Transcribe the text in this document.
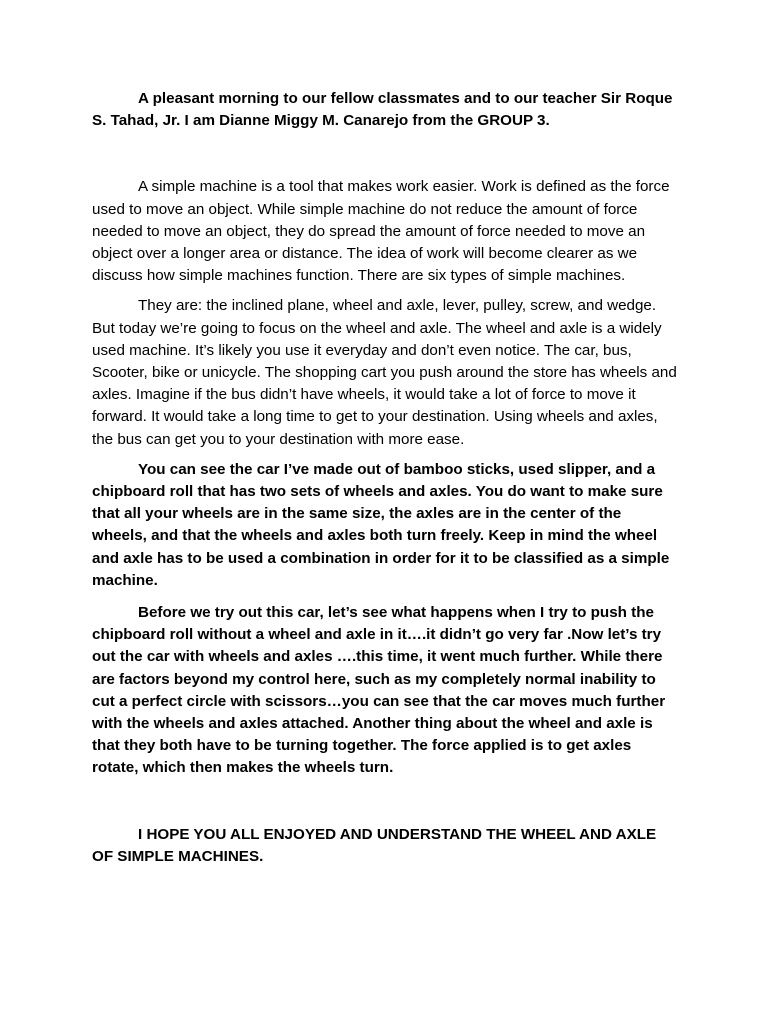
A pleasant morning to our fellow classmates and to our teacher Sir Roque S. Tahad, Jr. I am Dianne Miggy M. Canarejo from the GROUP 3.

A simple machine is a tool that makes work easier. Work is defined as the force used to move an object. While simple machine do not reduce the amount of force needed to move an object, they do spread the amount of force needed to move an object over a longer area or distance. The idea of work will become clearer as we discuss how simple machines function. There are six types of simple machines.

They are: the inclined plane, wheel and axle, lever, pulley, screw, and wedge. But today we’re going to focus on the wheel and axle. The wheel and axle is a widely used machine. It’s likely you use it everyday and don’t even notice. The car, bus, Scooter, bike or unicycle. The shopping cart you push around the store has wheels and axles. Imagine if the bus didn’t have wheels, it would take a lot of force to move it forward. It would take a long time to get to your destination. Using wheels and axles, the bus can get you to your destination with more ease.

You can see the car I’ve made out of bamboo sticks, used slipper, and a chipboard roll that has two sets of wheels and axles. You do want to make sure that all your wheels are in the same size, the axles are in the center of the wheels, and that the wheels and axles both turn freely. Keep in mind the wheel and axle has to be used a combination in order for it to be classified as a simple machine.

Before we try out this car, let’s see what happens when I try to push the chipboard roll without a wheel and axle in it….it didn’t go very far .Now let’s try out the car with wheels and axles ….this time, it went much further. While there are factors beyond my control here, such as my completely normal inability to cut a perfect circle with scissors…you can see that the car moves much further with the wheels and axles attached. Another thing about the wheel and axle is that they both have to be turning together. The force applied is to get axles rotate, which then makes the wheels turn.

I HOPE YOU ALL ENJOYED AND UNDERSTAND THE WHEEL AND AXLE OF SIMPLE MACHINES.
